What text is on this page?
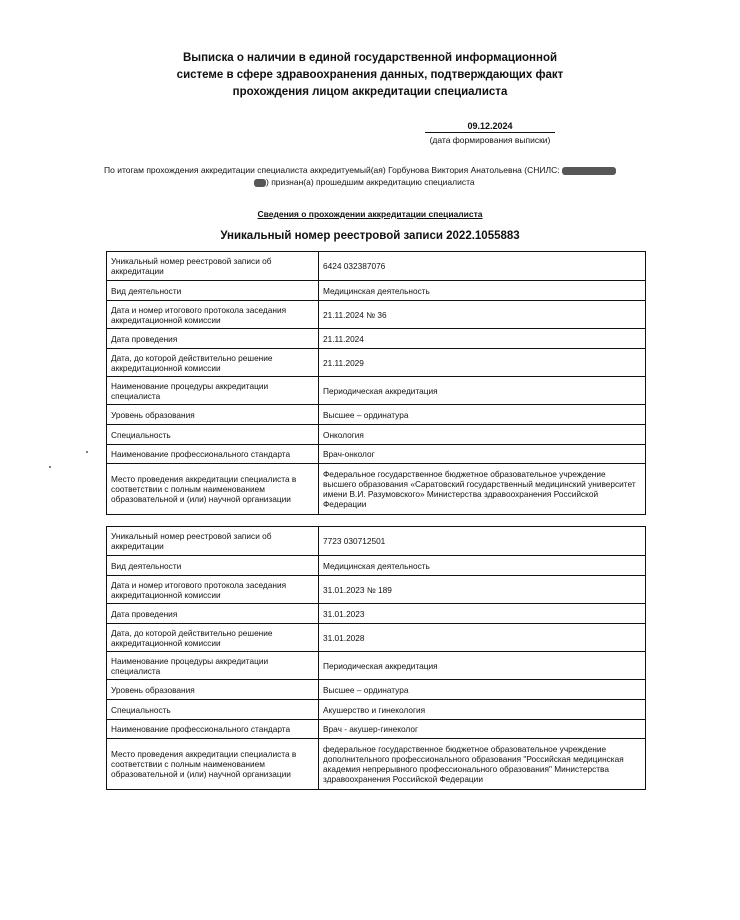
Выписка о наличии в единой государственной информационной
системе в сфере здравоохранения данных, подтверждающих факт
прохождения лицом аккредитации специалиста
09.12.2024
(дата формирования выписки)
По итогам прохождения аккредитации специалиста аккредитуемый(ая) Горбунова Виктория Анатольевна (СНИЛС:
) признан(а) прошедшим аккредитацию специалиста
Сведения о прохождении аккредитации специалиста
Уникальный номер реестровой записи 2022.1055883
Уникальный номер реестровой записи об аккредитации	6424 032387076
Вид деятельности	Медицинская деятельность
Дата и номер итогового протокола заседания аккредитационной комиссии	21.11.2024 № 36
Дата проведения	21.11.2024
Дата, до которой действительно решение аккредитационной комиссии	21.11.2029
Наименование процедуры аккредитации специалиста	Периодическая аккредитация
Уровень образования	Высшее – ординатура
Специальность	Онкология
Наименование профессионального стандарта	Врач-онколог
Место проведения аккредитации специалиста в соответствии с полным наименованием образовательной и (или) научной организации	Федеральное государственное бюджетное образовательное учреждение высшего образования «Саратовский государственный медицинский университет имени В.И. Разумовского» Министерства здравоохранения Российской Федерации
Уникальный номер реестровой записи об аккредитации	7723 030712501
Вид деятельности	Медицинская деятельность
Дата и номер итогового протокола заседания аккредитационной комиссии	31.01.2023 № 189
Дата проведения	31.01.2023
Дата, до которой действительно решение аккредитационной комиссии	31.01.2028
Наименование процедуры аккредитации специалиста	Периодическая аккредитация
Уровень образования	Высшее – ординатура
Специальность	Акушерство и гинекология
Наименование профессионального стандарта	Врач - акушер-гинеколог
Место проведения аккредитации специалиста в соответствии с полным наименованием образовательной и (или) научной организации	федеральное государственное бюджетное образовательное учреждение дополнительного профессионального образования "Российская медицинская академия непрерывного профессионального образования" Министерства здравоохранения Российской Федерации
